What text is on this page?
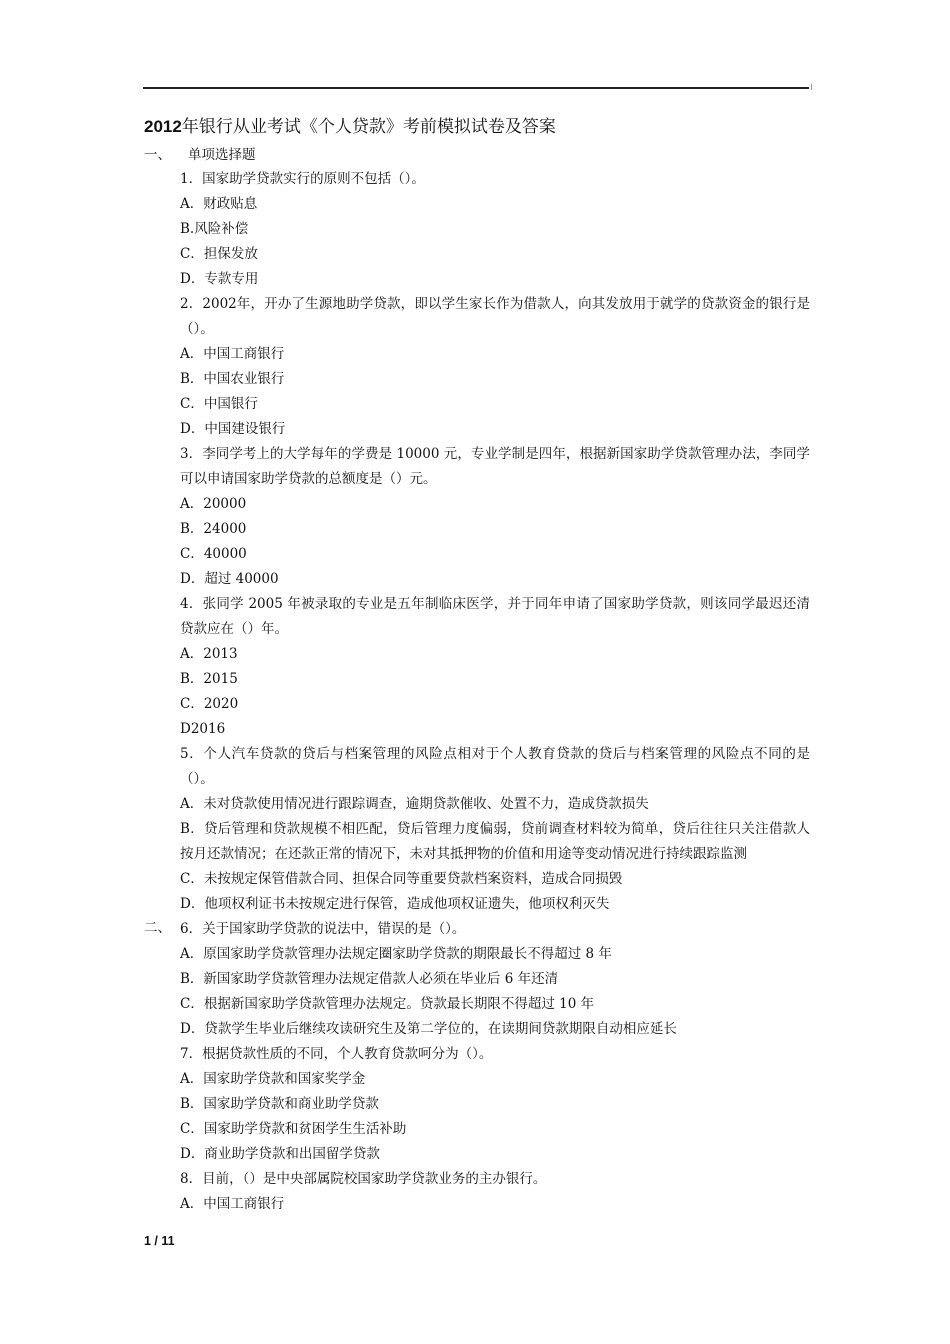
2012年银行从业考试《个人贷款》考前模拟试卷及答案
一、 单项选择题
二、
1．国家助学贷款实行的原则不包括（）。
A．财政贴息
B.风险补偿
C．担保发放
D．专款专用
2．2002年，开办了生源地助学贷款，即以学生家长作为借款人，向其发放用于就学的贷款资金的银行是（）。
A．中国工商银行
B．中国农业银行
C．中国银行
D．中国建设银行
3．李同学考上的大学每年的学费是 10000 元，专业学制是四年，根据新国家助学贷款管理办法，李同学可以申请国家助学贷款的总额度是（）元。
A．20000
B．24000
C．40000
D．超过 40000
4．张同学 2005 年被录取的专业是五年制临床医学，并于同年申请了国家助学贷款，则该同学最迟还清贷款应在（）年。
A．2013
B．2015
C．2020
D2016
5．个人汽车贷款的贷后与档案管理的风险点相对于个人教育贷款的贷后与档案管理的风险点不同的是（）。
A．未对贷款使用情况进行跟踪调查，逾期贷款催收、处置不力，造成贷款损失
B．贷后管理和贷款规模不相匹配，贷后管理力度偏弱，贷前调查材料较为简单，贷后往往只关注借款人按月还款情况；在还款正常的情况下，未对其抵押物的价值和用途等变动情况进行持续跟踪监测
C．未按规定保管借款合同、担保合同等重要贷款档案资料，造成合同损毁
D．他项权利证书未按规定进行保管，造成他项权证遗失，他项权利灭失
6．关于国家助学贷款的说法中，错误的是（）。
A．原国家助学贷款管理办法规定圈家助学贷款的期限最长不得超过 8 年
B．新国家助学贷款管理办法规定借款人必须在毕业后 6 年还清
C．根据新国家助学贷款管理办法规定。贷款最长期限不得超过 10 年
D．贷款学生毕业后继续攻读研究生及第二学位的，在读期间贷款期限自动相应延长
7．根据贷款性质的不同，个人教育贷款呵分为（）。
A．国家助学贷款和国家奖学金
B．国家助学贷款和商业助学贷款
C．国家助学贷款和贫困学生生活补助
D．商业助学贷款和出国留学贷款
8．目前，（）是中央部属院校国家助学贷款业务的主办银行。
A．中国工商银行
1 / 11
